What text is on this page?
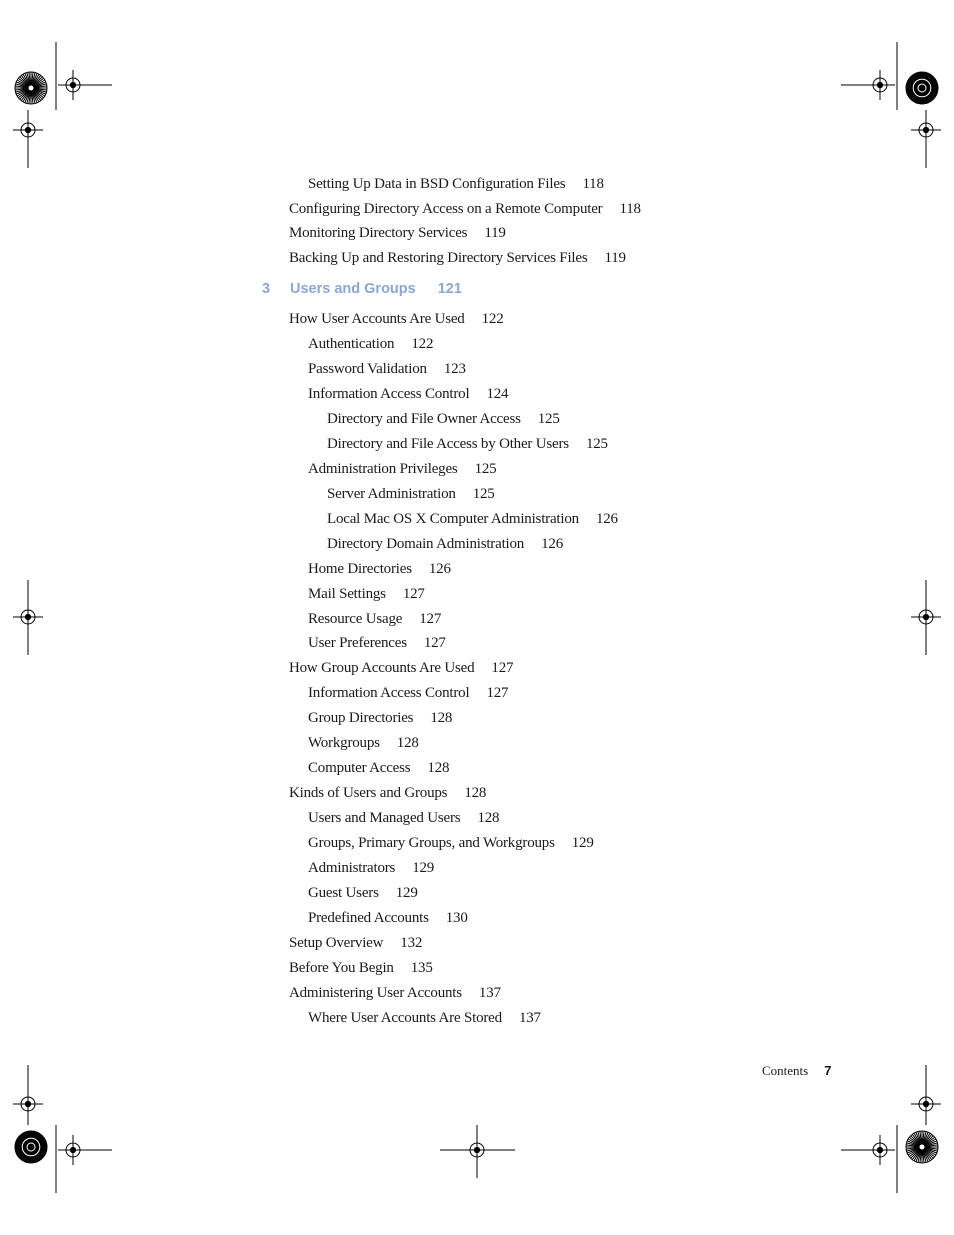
Setting Up Data in BSD Configuration Files 118
Configuring Directory Access on a Remote Computer 118
Monitoring Directory Services 119
Backing Up and Restoring Directory Services Files 119
3 Users and Groups 121
How User Accounts Are Used 122
Authentication 122
Password Validation 123
Information Access Control 124
Directory and File Owner Access 125
Directory and File Access by Other Users 125
Administration Privileges 125
Server Administration 125
Local Mac OS X Computer Administration 126
Directory Domain Administration 126
Home Directories 126
Mail Settings 127
Resource Usage 127
User Preferences 127
How Group Accounts Are Used 127
Information Access Control 127
Group Directories 128
Workgroups 128
Computer Access 128
Kinds of Users and Groups 128
Users and Managed Users 128
Groups, Primary Groups, and Workgroups 129
Administrators 129
Guest Users 129
Predefined Accounts 130
Setup Overview 132
Before You Begin 135
Administering User Accounts 137
Where User Accounts Are Stored 137
Contents 7
